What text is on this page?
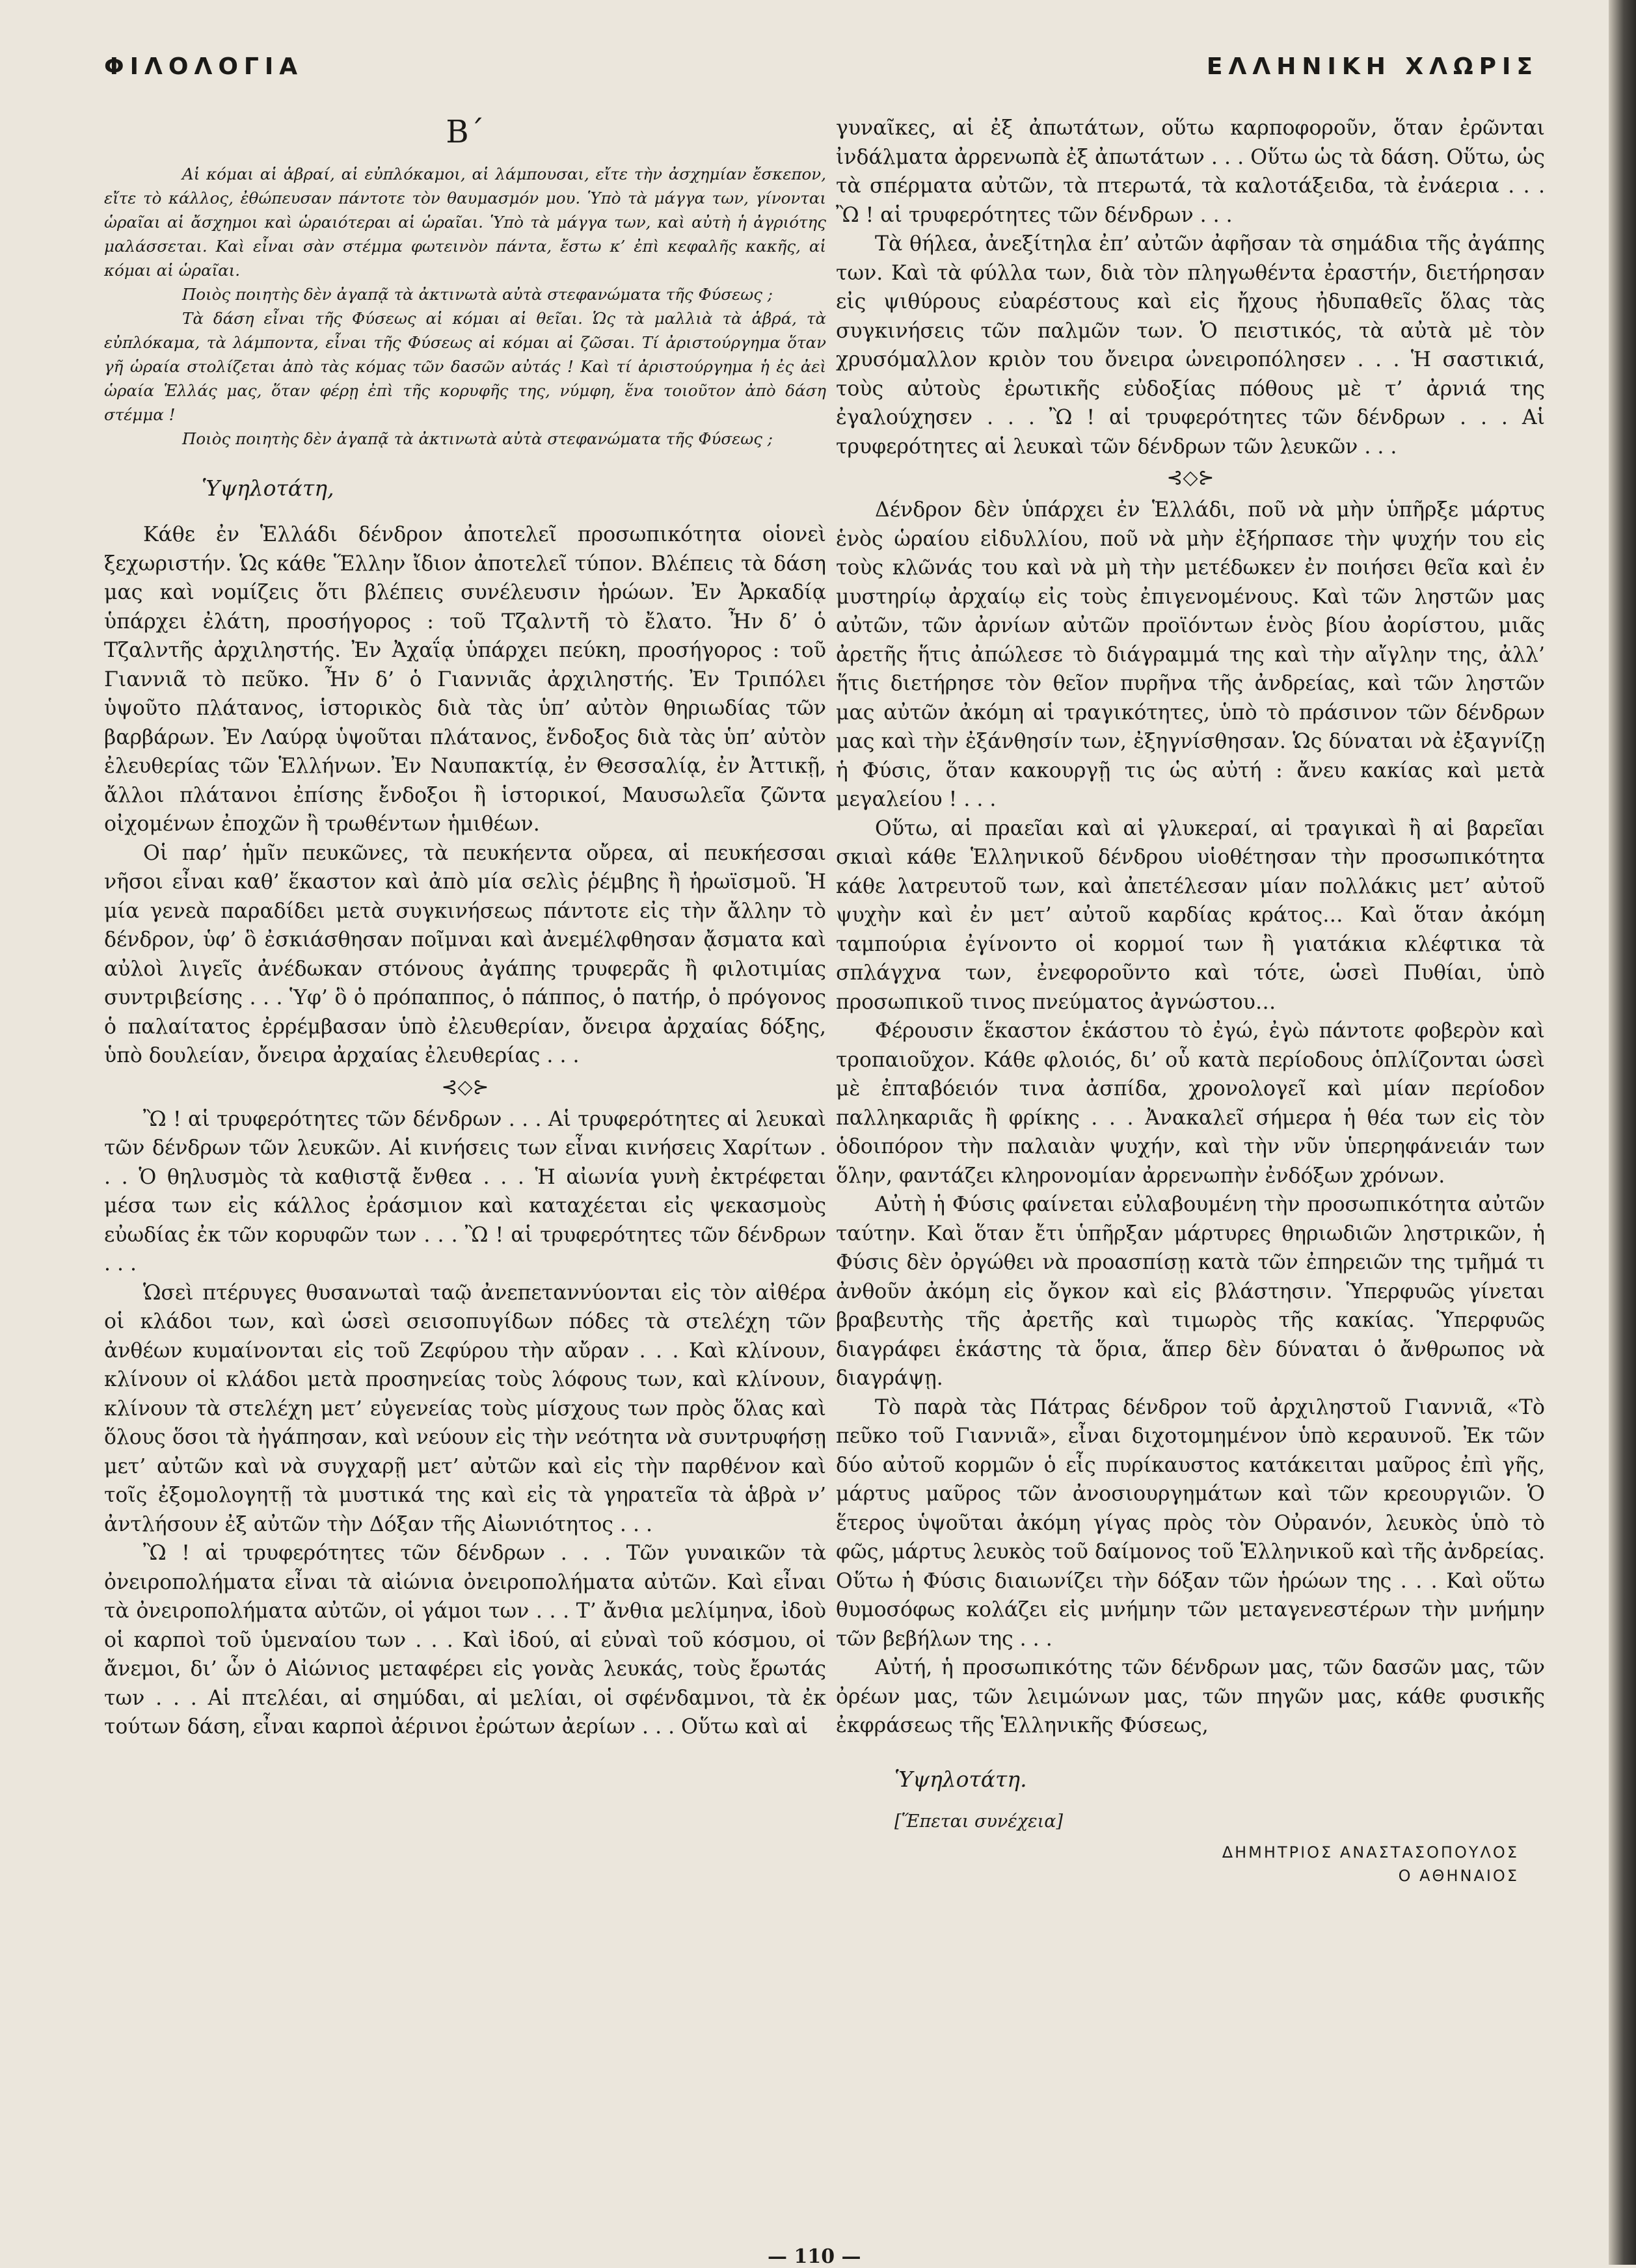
ΦΙΛΟΛΟΓΙΑ	ΕΛΛΗΝΙΚΗ ΧΛΩΡΙΣ
Β΄

Αἱ κόμαι αἱ ἁβραί, αἱ εὐπλόκαμοι, αἱ λάμπουσαι, εἴτε τὴν ἀσχημίαν ἔσκεπον, εἴτε τὸ κάλλος, ἐθώπευσαν πάντοτε τὸν θαυμασμόν μου. Ὑπὸ τὰ μάγγα των, γίνονται ὡραῖαι αἱ ἄσχημοι καὶ ὡραιότεραι αἱ ὡραῖαι. Ὑπὸ τὰ μάγγα των, καὶ αὐτὴ ἡ ἀγριότης μαλάσσεται. Καὶ εἶναι σὰν στέμμα φωτεινὸν πάντα, ἔστω κ’ ἐπὶ κεφαλῆς κακῆς, αἱ κόμαι αἱ ὡραῖαι.

Ποιὸς ποιητὴς δὲν ἀγαπᾷ τὰ ἀκτινωτὰ αὐτὰ στεφανώματα τῆς Φύσεως ;

Τὰ δάση εἶναι τῆς Φύσεως αἱ κόμαι αἱ θεῖαι. Ὡς τὰ μαλλιὰ τὰ ἁβρά, τὰ εὐπλόκαμα, τὰ λάμποντα, εἶναι τῆς Φύσεως αἱ κόμαι αἱ ζῶσαι. Τί ἀριστούργημα ὅταν γῆ ὡραία στολίζεται ἀπὸ τὰς κόμας τῶν δασῶν αὐτάς ! Καὶ τί ἀριστούργημα ἡ ἐς ἀεὶ ὡραία Ἑλλάς μας, ὅταν φέρῃ ἐπὶ τῆς κορυφῆς της, νύμφη, ἕνα τοιοῦτον ἀπὸ δάση στέμμα !

Ποιὸς ποιητὴς δὲν ἀγαπᾷ τὰ ἀκτινωτὰ αὐτὰ στεφανώματα τῆς Φύσεως ;

Ὑψηλοτάτη,

Κάθε ἐν Ἑλλάδι δένδρον ἀποτελεῖ προσωπικότητα οἱονεὶ ξεχωριστήν. Ὡς κάθε Ἕλλην ἴδιον ἀποτελεῖ τύπον. Βλέπεις τὰ δάση μας καὶ νομίζεις ὅτι βλέπεις συνέλευσιν ἡρώων. Ἐν Ἀρκαδίᾳ ὑπάρχει ἐλάτη, προσήγορος : τοῦ Τζαλντῆ τὸ ἔλατο. Ἦν δ’ ὁ Τζαλντῆς ἀρχιληστής. Ἐν Ἀχαΐᾳ ὑπάρχει πεύκη, προσήγορος : τοῦ Γιαννιᾶ τὸ πεῦκο. Ἦν δ’ ὁ Γιαννιᾶς ἀρχιληστής. Ἐν Τριπόλει ὑψοῦτο πλάτανος, ἱστορικὸς διὰ τὰς ὑπ’ αὐτὸν θηριωδίας τῶν βαρβάρων. Ἐν Λαύρᾳ ὑψοῦται πλάτανος, ἔνδοξος διὰ τὰς ὑπ’ αὐτὸν ἐλευθερίας τῶν Ἑλλήνων. Ἐν Ναυπακτίᾳ, ἐν Θεσσαλίᾳ, ἐν Ἀττικῇ, ἄλλοι πλάτανοι ἐπίσης ἔνδοξοι ἢ ἱστορικοί, Μαυσωλεῖα ζῶντα οἰχομένων ἐποχῶν ἢ τρωθέντων ἡμιθέων.

Οἱ παρ’ ἡμῖν πευκῶνες, τὰ πευκήεντα οὔρεα, αἱ πευκήεσσαι νῆσοι εἶναι καθ’ ἕκαστον καὶ ἀπὸ μία σελὶς ῥέμβης ἢ ἡρωϊσμοῦ. Ἡ μία γενεὰ παραδίδει μετὰ συγκινήσεως πάντοτε εἰς τὴν ἄλλην τὸ δένδρον, ὑφ’ ὃ ἐσκιάσθησαν ποῖμναι καὶ ἀνεμέλφθησαν ᾄσματα καὶ αὐλοὶ λιγεῖς ἀνέδωκαν στόνους ἀγάπης τρυφερᾶς ἢ φιλοτιμίας συντριβείσης . . . Ὑφ’ ὃ ὁ πρόπαππος, ὁ πάππος, ὁ πατήρ, ὁ πρόγονος ὁ παλαίτατος ἐρρέμβασαν ὑπὸ ἐλευθερίαν, ὄνειρα ἀρχαίας δόξης, ὑπὸ δουλείαν, ὄνειρα ἀρχαίας ἐλευθερίας . . .

⊰◇⊱

Ὢ ! αἱ τρυφερότητες τῶν δένδρων . . . Αἱ τρυφερότητες αἱ λευκαὶ τῶν δένδρων τῶν λευκῶν. Αἱ κινήσεις των εἶναι κινήσεις Χαρίτων . . . Ὁ θηλυσμὸς τὰ καθιστᾷ ἔνθεα . . . Ἡ αἰωνία γυνὴ ἐκτρέφεται μέσα των εἰς κάλλος ἐράσμιον καὶ καταχέεται εἰς ψεκασμοὺς εὐωδίας ἐκ τῶν κορυφῶν των . . . Ὢ ! αἱ τρυφερότητες τῶν δένδρων . . .

Ὡσεὶ πτέρυγες θυσανωταὶ ταῷ ἀνεπεταννύονται εἰς τὸν αἰθέρα οἱ κλάδοι των, καὶ ὡσεὶ σεισοπυγίδων πόδες τὰ στελέχη τῶν ἀνθέων κυμαίνονται εἰς τοῦ Ζεφύρου τὴν αὔραν . . . Καὶ κλίνουν, κλίνουν οἱ κλάδοι μετὰ προσηνείας τοὺς λόφους των, καὶ κλίνουν, κλίνουν τὰ στελέχη μετ’ εὐγενείας τοὺς μίσχους των πρὸς ὅλας καὶ ὅλους ὅσοι τὰ ἠγάπησαν, καὶ νεύουν εἰς τὴν νεότητα νὰ συντρυφήσῃ μετ’ αὐτῶν καὶ νὰ συγχαρῇ μετ’ αὐτῶν καὶ εἰς τὴν παρθένον καὶ τοῖς ἐξομολογητῇ τὰ μυστικά της καὶ εἰς τὰ γηρατεῖα τὰ ἁβρὰ ν’ ἀντλήσουν ἐξ αὐτῶν τὴν Δόξαν τῆς Αἰωνιότητος . . .

Ὢ ! αἱ τρυφερότητες τῶν δένδρων . . . Τῶν γυναικῶν τὰ ὀνειροπολήματα εἶναι τὰ αἰώνια ὀνειροπολήματα αὐτῶν. Καὶ εἶναι τὰ ὀνειροπολήματα αὐτῶν, οἱ γάμοι των . . . Τ’ ἄνθια μελίμηνα, ἰδοὺ οἱ καρποὶ τοῦ ὑμεναίου των . . . Καὶ ἰδού, αἱ εὐναὶ τοῦ κόσμου, οἱ ἄνεμοι, δι’ ὧν ὁ Αἰώνιος μεταφέρει εἰς γονὰς λευκάς, τοὺς ἔρωτάς των . . . Αἱ πτελέαι, αἱ σημύδαι, αἱ μελίαι, οἱ σφένδαμνοι, τὰ ἐκ τούτων δάση, εἶναι καρποὶ ἀέρινοι ἐρώτων ἀερίων . . . Οὕτω καὶ αἱ

γυναῖκες, αἱ ἐξ ἀπωτάτων, οὕτω καρποφοροῦν, ὅταν ἐρῶνται ἰνδάλματα ἀρρενωπὰ ἐξ ἀπωτάτων . . . Οὕτω ὡς τὰ δάση. Οὕτω, ὡς τὰ σπέρματα αὐτῶν, τὰ πτερωτά, τὰ καλοτάξειδα, τὰ ἐνάερια . . . Ὢ ! αἱ τρυφερότητες τῶν δένδρων . . .

Τὰ θήλεα, ἀνεξίτηλα ἐπ’ αὐτῶν ἀφῆσαν τὰ σημάδια τῆς ἀγάπης των. Καὶ τὰ φύλλα των, διὰ τὸν πληγωθέντα ἐραστήν, διετήρησαν εἰς ψιθύρους εὐαρέστους καὶ εἰς ἤχους ἠδυπαθεῖς ὅλας τὰς συγκινήσεις τῶν παλμῶν των. Ὁ πειστικός, τὰ αὐτὰ μὲ τὸν χρυσόμαλλον κριὸν του ὄνειρα ὠνειροπόλησεν . . . Ἡ σαστικιά, τοὺς αὐτοὺς ἐρωτικῆς εὐδοξίας πόθους μὲ τ’ ἀρνιά της ἐγαλούχησεν . . . Ὢ ! αἱ τρυφερότητες τῶν δένδρων . . . Αἱ τρυφερότητες αἱ λευκαὶ τῶν δένδρων τῶν λευκῶν . . .

⊰◇⊱

Δένδρον δὲν ὑπάρχει ἐν Ἑλλάδι, ποῦ νὰ μὴν ὑπῆρξε μάρτυς ἑνὸς ὡραίου εἰδυλλίου, ποῦ νὰ μὴν ἐξήρπασε τὴν ψυχήν του εἰς τοὺς κλῶνάς του καὶ νὰ μὴ τὴν μετέδωκεν ἐν ποιήσει θεῖα καὶ ἐν μυστηρίῳ ἀρχαίῳ εἰς τοὺς ἐπιγενομένους. Καὶ τῶν ληστῶν μας αὐτῶν, τῶν ἀρνίων αὐτῶν προϊόντων ἑνὸς βίου ἀορίστου, μιᾶς ἀρετῆς ἥτις ἀπώλεσε τὸ διάγραμμά της καὶ τὴν αἴγλην της, ἀλλ’ ἥτις διετήρησε τὸν θεῖον πυρῆνα τῆς ἀνδρείας, καὶ τῶν ληστῶν μας αὐτῶν ἀκόμη αἱ τραγικότητες, ὑπὸ τὸ πράσινον τῶν δένδρων μας καὶ τὴν ἐξάνθησίν των, ἐξηγνίσθησαν. Ὡς δύναται νὰ ἐξαγνίζῃ ἡ Φύσις, ὅταν κακουργῇ τις ὡς αὐτή : ἄνευ κακίας καὶ μετὰ μεγαλείου ! . . .

Οὕτω, αἱ πραεῖαι καὶ αἱ γλυκεραί, αἱ τραγικαὶ ἢ αἱ βαρεῖαι σκιαὶ κάθε Ἑλληνικοῦ δένδρου υἱοθέτησαν τὴν προσωπικότητα κάθε λατρευτοῦ των, καὶ ἀπετέλεσαν μίαν πολλάκις μετ’ αὐτοῦ ψυχὴν καὶ ἐν μετ’ αὐτοῦ καρδίας κράτος… Καὶ ὅταν ἀκόμη ταμπούρια ἐγίνοντο οἱ κορμοί των ἢ γιατάκια κλέφτικα τὰ σπλάγχνα των, ἐνεφοροῦντο καὶ τότε, ὡσεὶ Πυθίαι, ὑπὸ προσωπικοῦ τινος πνεύματος ἀγνώστου…

Φέρουσιν ἕκαστον ἑκάστου τὸ ἐγώ, ἐγὼ πάντοτε φοβερὸν καὶ τροπαιοῦχον. Κάθε φλοιός, δι’ οὗ κατὰ περίοδους ὁπλίζονται ὡσεὶ μὲ ἐπταβόειόν τινα ἀσπίδα, χρονολογεῖ καὶ μίαν περίοδον παλληκαριᾶς ἢ φρίκης . . . Ἀνακαλεῖ σήμερα ἡ θέα των εἰς τὸν ὁδοιπόρον τὴν παλαιὰν ψυχήν, καὶ τὴν νῦν ὑπερηφάνειάν των ὅλην, φαντάζει κληρονομίαν ἀρρενωπὴν ἐνδόξων χρόνων.

Αὐτὴ ἡ Φύσις φαίνεται εὐλαβουμένη τὴν προσωπικότητα αὐτῶν ταύτην. Καὶ ὅταν ἔτι ὑπῆρξαν μάρτυρες θηριωδιῶν ληστρικῶν, ἡ Φύσις δὲν ὀργώθει νὰ προασπίσῃ κατὰ τῶν ἐπηρειῶν της τμῆμά τι ἀνθοῦν ἀκόμη εἰς ὄγκον καὶ εἰς βλάστησιν. Ὑπερφυῶς γίνεται βραβευτὴς τῆς ἀρετῆς καὶ τιμωρὸς τῆς κακίας. Ὑπερφυῶς διαγράφει ἑκάστης τὰ ὅρια, ἅπερ δὲν δύναται ὁ ἄνθρωπος νὰ διαγράψῃ.

Τὸ παρὰ τὰς Πάτρας δένδρον τοῦ ἀρχιληστοῦ Γιαννιᾶ, «Τὸ πεῦκο τοῦ Γιαννιᾶ», εἶναι διχοτομημένον ὑπὸ κεραυνοῦ. Ἐκ τῶν δύο αὐτοῦ κορμῶν ὁ εἷς πυρίκαυστος κατάκειται μαῦρος ἐπὶ γῆς, μάρτυς μαῦρος τῶν ἀνοσιουργημάτων καὶ τῶν κρεουργιῶν. Ὁ ἕτερος ὑψοῦται ἀκόμη γίγας πρὸς τὸν Οὐρανόν, λευκὸς ὑπὸ τὸ φῶς, μάρτυς λευκὸς τοῦ δαίμονος τοῦ Ἑλληνικοῦ καὶ τῆς ἀνδρείας. Οὕτω ἡ Φύσις διαιωνίζει τὴν δόξαν τῶν ἡρώων της . . . Καὶ οὕτω θυμοσόφως κολάζει εἰς μνήμην τῶν μεταγενεστέρων τὴν μνήμην τῶν βεβήλων της . . .

Αὐτή, ἡ προσωπικότης τῶν δένδρων μας, τῶν δασῶν μας, τῶν ὀρέων μας, τῶν λειμώνων μας, τῶν πηγῶν μας, κάθε φυσικῆς ἐκφράσεως τῆς Ἑλληνικῆς Φύσεως,

Ὑψηλοτάτη.
[Ἕπεται συνέχεια]
ΔΗΜΗΤΡΙΟΣ ΑΝΑΣΤΑΣΟΠΟΥΛΟΣ
Ο ΑΘΗΝΑΙΟΣ
— 110 —
